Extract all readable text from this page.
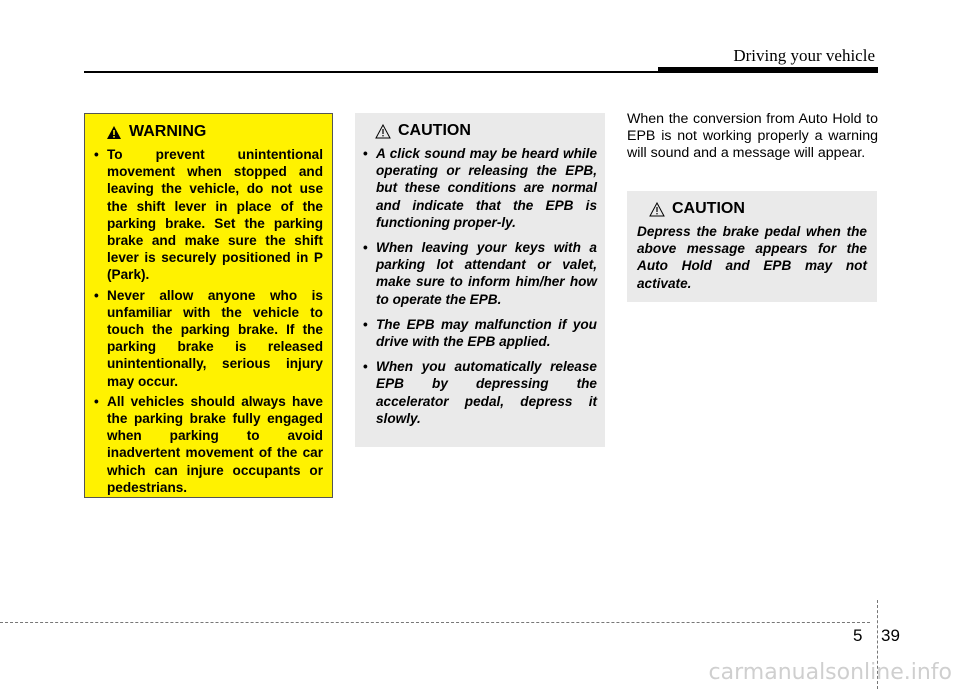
Driving your vehicle
WARNING
• To prevent unintentional movement when stopped and leaving the vehicle, do not use the shift lever in place of the parking brake. Set the parking brake and make sure the shift lever is securely positioned in P (Park).
• Never allow anyone who is unfamiliar with the vehicle to touch the parking brake. If the parking brake is released unintentionally, serious injury may occur.
• All vehicles should always have the parking brake fully engaged when parking to avoid inadvertent movement of the car which can injure occupants or pedestrians.
CAUTION
• A click sound may be heard while operating or releasing the EPB, but these conditions are normal and indicate that the EPB is functioning proper-ly.
• When leaving your keys with a parking lot attendant or valet, make sure to inform him/her how to operate the EPB.
• The EPB may malfunction if you drive with the EPB applied.
• When you automatically release EPB by depressing the accelerator pedal, depress it slowly.
When the conversion from Auto Hold to EPB is not working properly a warning will sound and a message will appear.
CAUTION
Depress the brake pedal when the above message appears for the Auto Hold and EPB may not activate.
5 39
carmanualsonline.info
